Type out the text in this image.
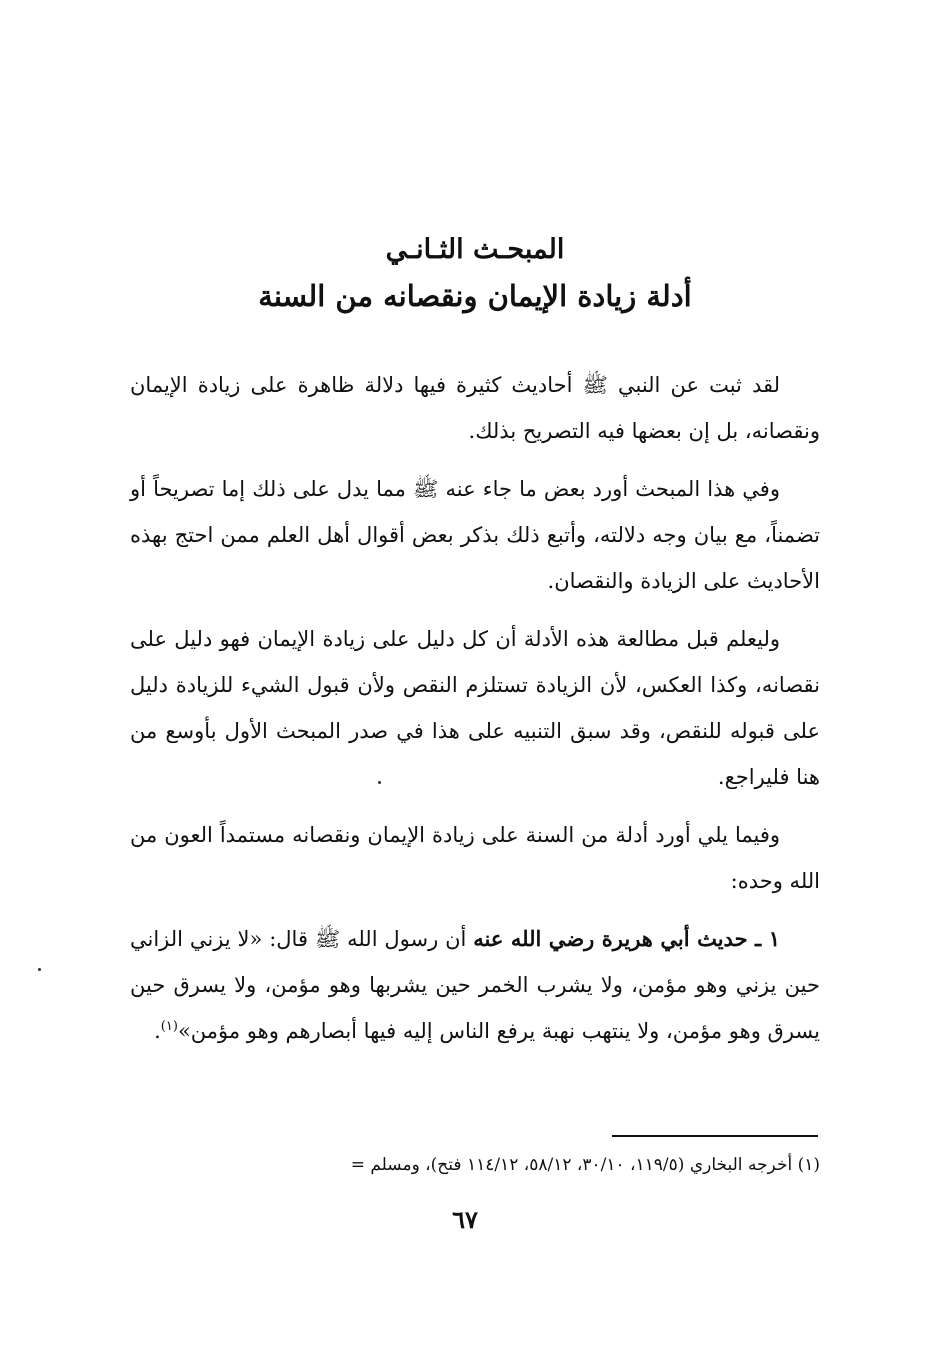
المبحـث الثـانـي
أدلة زيادة الإيمان ونقصانه من السنة

لقد ثبت عن النبي ﷺ أحاديث كثيرة فيها دلالة ظاهرة على زيادة الإيمان ونقصانه، بل إن بعضها فيه التصريح بذلك.

وفي هذا المبحث أورد بعض ما جاء عنه ﷺ مما يدل على ذلك إما تصريحاً أو تضمناً، مع بيان وجه دلالته، وأتبع ذلك بذكر بعض أقوال أهل العلم ممن احتج بهذه الأحاديث على الزيادة والنقصان.

وليعلم قبل مطالعة هذه الأدلة أن كل دليل على زيادة الإيمان فهو دليل على نقصانه، وكذا العكس، لأن الزيادة تستلزم النقص ولأن قبول الشيء للزيادة دليل على قبوله للنقص، وقد سبق التنبيه على هذا في صدر المبحث الأول بأوسع من هنا فليراجع.

وفيما يلي أورد أدلة من السنة على زيادة الإيمان ونقصانه مستمداً العون من الله وحده:

١ ـ حديث أبي هريرة رضي الله عنه أن رسول الله ﷺ قال: «لا يزني الزاني حين يزني وهو مؤمن، ولا يشرب الخمر حين يشربها وهو مؤمن، ولا يسرق حين يسرق وهو مؤمن، ولا ينتهب نهبة يرفع الناس إليه فيها أبصارهم وهو مؤمن»$^{(١)}$.

(١) أخرجه البخاري (١١٩/٥، ٣٠/١٠، ٥٨/١٢، ١١٤/١٢ فتح)، ومسلم =
٦٧
